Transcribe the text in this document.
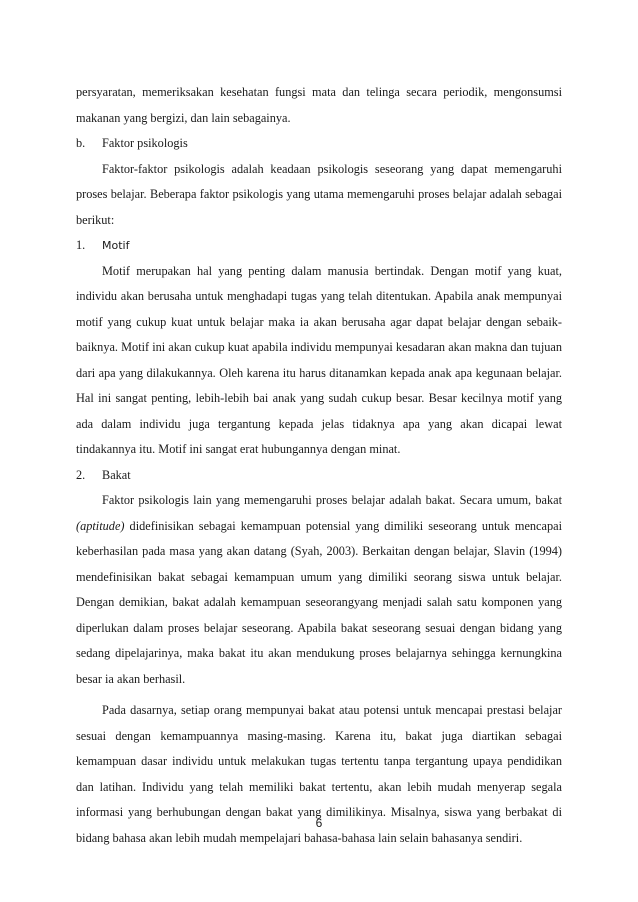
persyaratan, memeriksakan kesehatan fungsi mata dan telinga secara periodik, mengonsumsi makanan yang bergizi, dan lain sebagainya.

b.	Faktor psikologis

Faktor-faktor psikologis adalah keadaan psikologis seseorang yang dapat memengaruhi proses belajar. Beberapa faktor psikologis yang utama memengaruhi proses belajar adalah sebagai berikut:

1.	Motif

Motif merupakan hal yang penting dalam manusia bertindak. Dengan motif yang kuat, individu akan berusaha untuk menghadapi tugas yang telah ditentukan. Apabila anak mempunyai motif yang cukup kuat untuk belajar maka ia akan berusaha agar dapat belajar dengan sebaik-baiknya. Motif ini akan cukup kuat apabila individu mempunyai kesadaran akan makna dan tujuan dari apa yang dilakukannya. Oleh karena itu harus ditanamkan kepada anak apa kegunaan belajar. Hal ini sangat penting, lebih-lebih bai anak yang sudah cukup besar. Besar kecilnya motif yang ada dalam individu juga tergantung kepada jelas tidaknya apa yang akan dicapai lewat tindakannya itu. Motif ini sangat erat hubungannya dengan minat.

2.	Bakat

Faktor psikologis lain yang memengaruhi proses belajar adalah bakat. Secara umum, bakat (aptitude) didefinisikan sebagai kemampuan potensial yang dimiliki seseorang untuk mencapai keberhasilan pada masa yang akan datang (Syah, 2003). Berkaitan dengan belajar, Slavin (1994) mendefinisikan bakat sebagai kemampuan umum yang dimiliki seorang siswa untuk belajar. Dengan demikian, bakat adalah kemampuan seseorangyang menjadi salah satu komponen yang diperlukan dalam proses belajar seseorang. Apabila bakat seseorang sesuai dengan bidang yang sedang dipelajarinya, maka bakat itu akan mendukung proses belajarnya sehingga kernungkina besar ia akan berhasil.

Pada dasarnya, setiap orang mempunyai bakat atau potensi untuk mencapai prestasi belajar sesuai dengan kemampuannya masing-masing. Karena itu, bakat juga diartikan sebagai kemampuan dasar individu untuk melakukan tugas tertentu tanpa tergantung upaya pendidikan dan latihan. Individu yang telah memiliki bakat tertentu, akan lebih mudah menyerap segala informasi yang berhubungan dengan bakat yang dimilikinya. Misalnya, siswa yang berbakat di bidang bahasa akan lebih mudah mempelajari bahasa-bahasa lain selain bahasanya sendiri.

6
